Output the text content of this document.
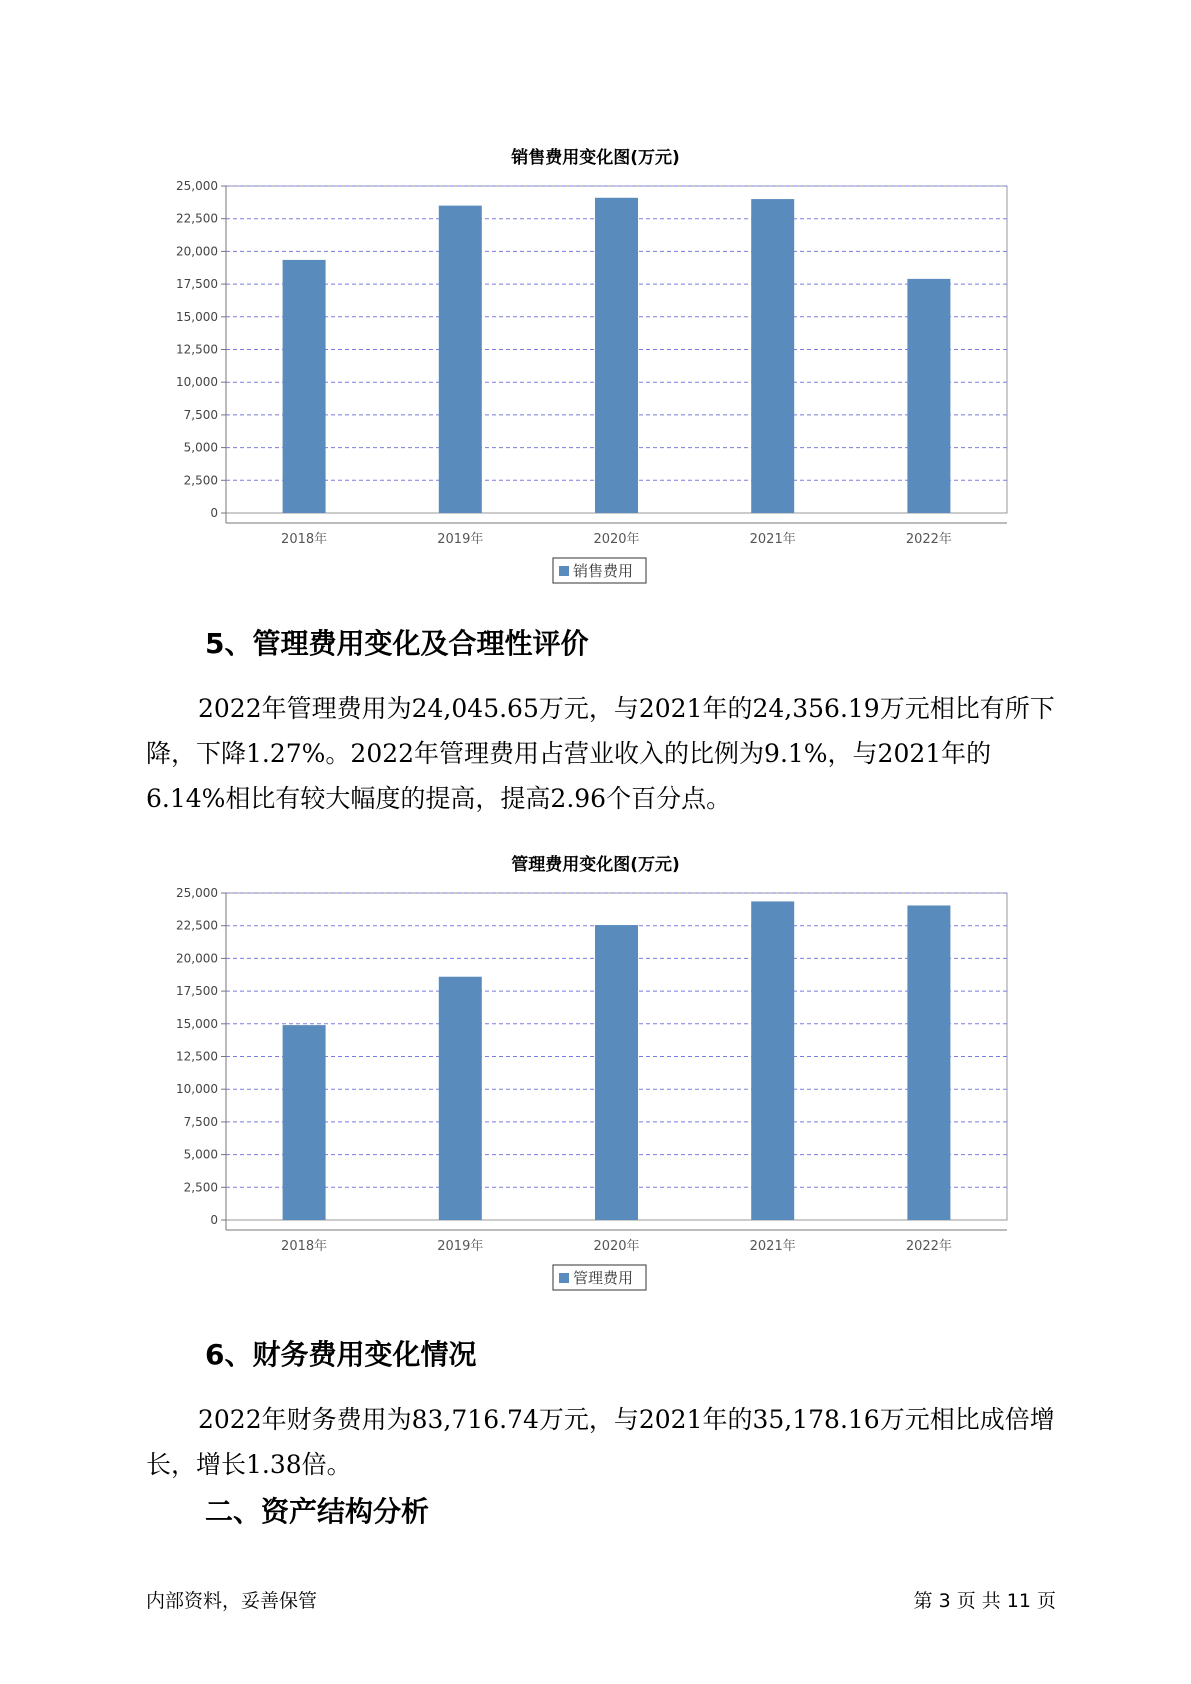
销售费用变化图(万元)
0
2,500
5,000
7,500
10,000
12,500
15,000
17,500
20,000
22,500
25,000
2018年	2019年	2020年	2021年	2022年
销售费用
5、管理费用变化及合理性评价

2022年管理费用为24,045.65万元，与2021年的24,356.19万元相比有所下降，下降1.27%。2022年管理费用占营业收入的比例为9.1%，与2021年的6.14%相比有较大幅度的提高，提高2.96个百分点。

管理费用变化图(万元)
0
2,500
5,000
7,500
10,000
12,500
15,000
17,500
20,000
22,500
25,000
2018年	2019年	2020年	2021年	2022年
管理费用
6、财务费用变化情况

2022年财务费用为83,716.74万元，与2021年的35,178.16万元相比成倍增长，增长1.38倍。

二、资产结构分析
内部资料，妥善保管	第 3 页 共 11 页
